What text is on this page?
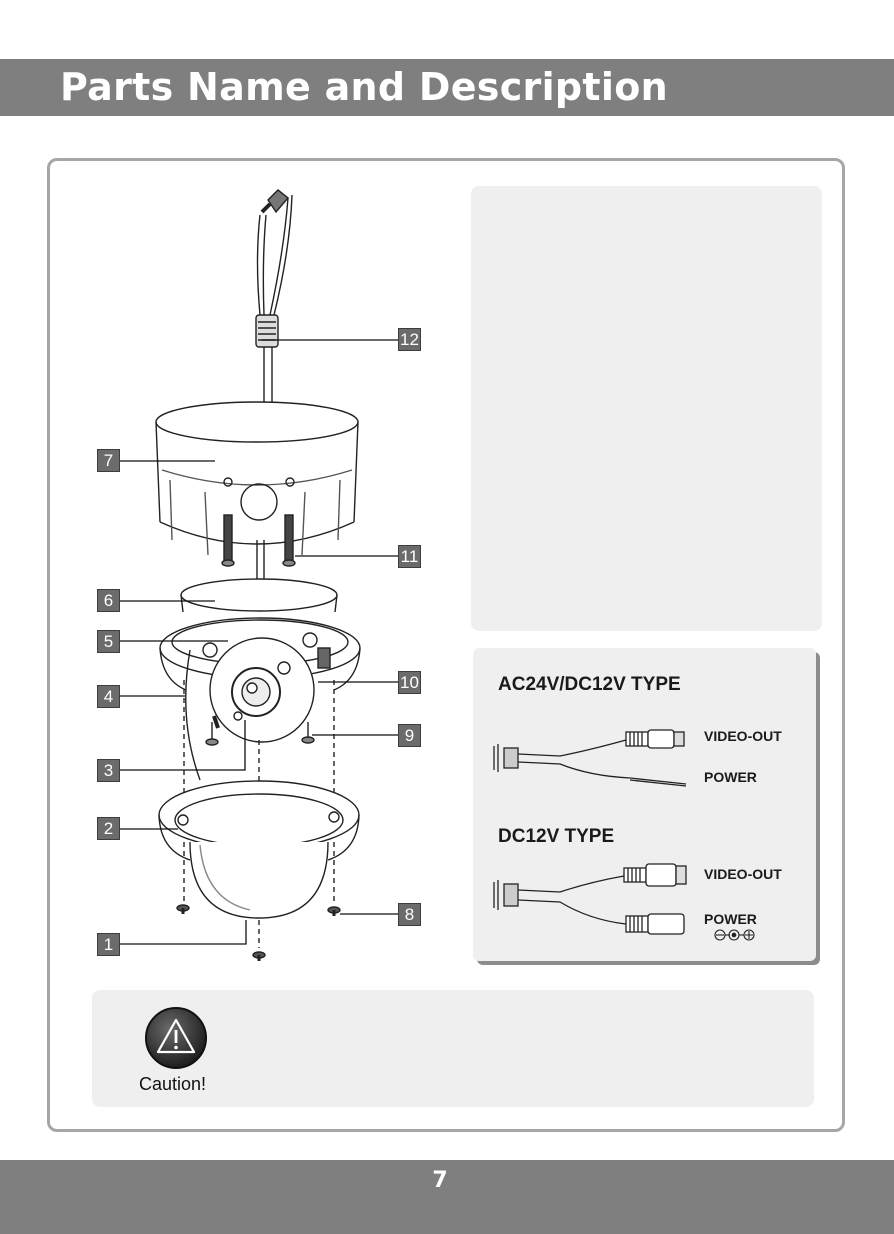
Parts Name and Description
12
7
11
6
5
10
4
9
3
2
8
1
AC24V/DC12V TYPE
DC12V TYPE
VIDEO-OUT
POWER
VIDEO-OUT
POWER
Caution!
7
